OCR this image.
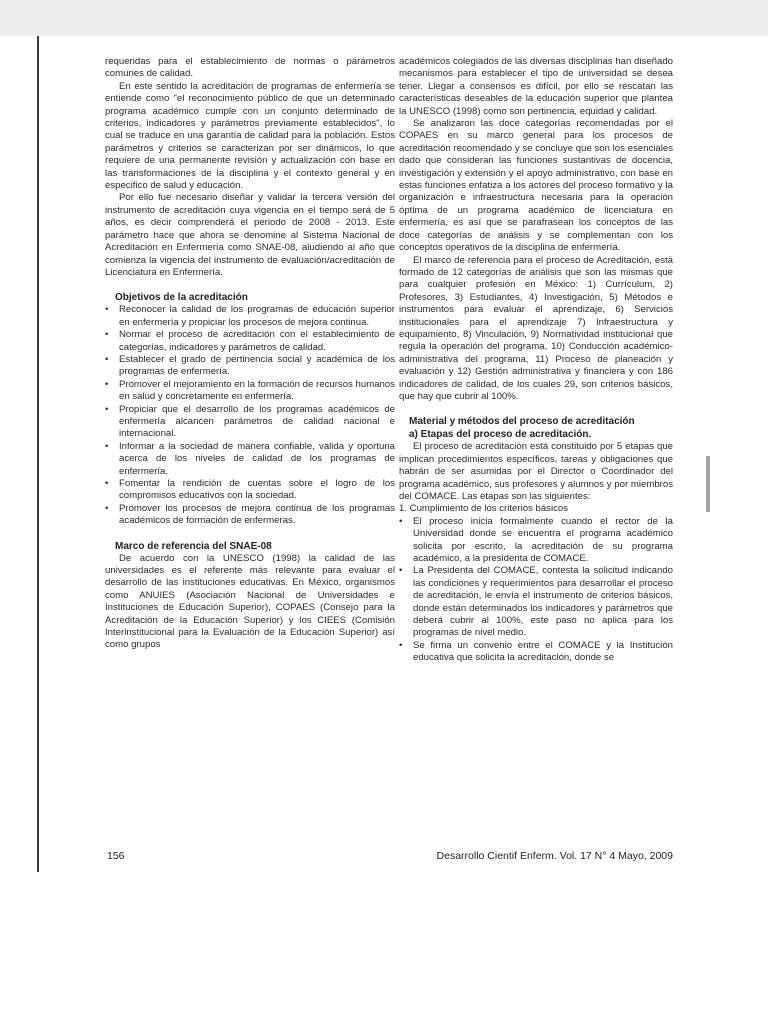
requeridas para el establecimiento de normas o parámetros comunes de calidad.

En este sentido la acreditación de programas de enfermería se entiende como "el reconocimiento público de que un determinado programa académico cumple con un conjunto determinado de criterios, indicadores y parámetros previamente establecidos", lo cual se traduce en una garantía de calidad para la población. Estos parámetros y criterios se caracterizan por ser dinámicos, lo que requiere de una permanente revisión y actualización con base en las transformaciones de la disciplina y el contexto general y en especifico de salud y educación.

Por ello fue necesario diseñar y validar la tercera versión del instrumento de acreditación cuya vigencia en el tiempo será de 5 años, es decir comprenderá el periodo de 2008 - 2013. Este parámetro hace que ahora se denomine al Sistema Nacional de Acreditación en Enfermería como SNAE-08, aludiendo al año que comienza la vigencia del instrumento de evaluación/acreditación de Licenciatura en Enfermería.

Objetivos de la acreditación
• Reconocer la calidad de los programas de educación superior en enfermería y propiciar los procesos de mejora continua.
• Normar el proceso de acreditación con el establecimiento de categorías, indicadores y parámetros de calidad.
• Establecer el grado de pertinencia social y académica de los programas de enfermería.
• Promover el mejoramiento en la formación de recursos humanos en salud y concretamente en enfermería.
• Propiciar que el desarrollo de los programas académicos de enfermería alcancen parámetros de calidad nacional e internacional.
• Informar a la sociedad de manera confiable, valida y oportuna acerca de los niveles de calidad de los programas de enfermería.
• Fomentar la rendición de cuentas sobre el logro de los compromisos educativos con la sociedad.
• Promover los procesos de mejora continua de los programas académicos de formación de enfermeras.
Marco de referencia del SNAE-08

De acuerdo con la UNESCO (1998) la calidad de las universidades es el referente más relevante para evaluar el desarrollo de las instituciones educativas. En México, organismos como ANUIES (Asociación Nacional de Universidades e Instituciones de Educación Superior), COPAES (Consejo para la Acreditación de la Educación Superior) y los CIEES (Comisión Interinstitucional para la Evaluación de la Educación Superior) así como grupos

académicos colegiados de las diversas disciplinas han diseñado mecanismos para establecer el tipo de universidad se desea tener. Llegar a consensos es difícil, por ello se rescatan las características deseables de la educación superior que plantea la UNESCO (1998) como son pertinencia, equidad y calidad.

Se analizaron las doce categorías recomendadas por el COPAES en su marco general para los procesos de acreditación recomendado y se concluye que son los esenciales dado que consideran las funciones sustantivas de docencia, investigación y extensión y el apoyo administrativo, con base en estas funciones enfatiza a los actores del proceso formativo y la organización e infraestructura necesaria para la operación óptima de un programa académico de licenciatura en enfermería, es así que se parafrasean los conceptos de las doce categorías de análisis y se complementan con los conceptos operativos de la disciplina de enfermería.

El marco de referencia para el proceso de Acreditación, está formado de 12 categorías de análisis que son las mismas que para cualquier profesión en México: 1) Currículum, 2) Profesores, 3) Estudiantes, 4) Investigación, 5) Métodos e instrumentos para evaluar el aprendizaje, 6) Servicios institucionales para el aprendizaje 7) Infraestructura y equipamiento, 8) Vinculación, 9) Normatividad institucional que regula la operación del programa, 10) Conducción académico-administrativa del programa, 11) Proceso de planeación y evaluación y 12) Gestión administrativa y financiera y con 186 indicadores de calidad, de los cuales 29, son criterios básicos, que hay que cubrir al 100%.

Material y métodos del proceso de acreditación
a) Etapas del proceso de acreditación.

El proceso de acreditación está constituido por 5 etapas que implican procedimientos específicos, tareas y obligaciones que habrán de ser asumidas por el Director o Coordinador del programa académico, sus profesores y alumnos y por miembros del COMACE. Las etapas son las siguientes:

1. Cumplimiento de los criterios básicos

• El proceso inicia formalmente cuando el rector de la Universidad donde se encuentra el programa académico solicita por escrito, la acreditación de su programa académico, a la presidenta de COMACE.
• La Presidenta del COMACE, contesta la solicitud indicando las condiciones y requerimientos para desarrollar el proceso de acreditación, le envía el instrumento de criterios básicos, donde están determinados los indicadores y parámetros que deberá cubrir al 100%, este paso no aplica para los programas de nivel medio.
• Se firma un convenio entre el COMACE y la Institución educativa que solicita la acreditación, donde se
156	Desarrollo Cientif Enferm. Vol. 17 N° 4 Mayo, 2009
